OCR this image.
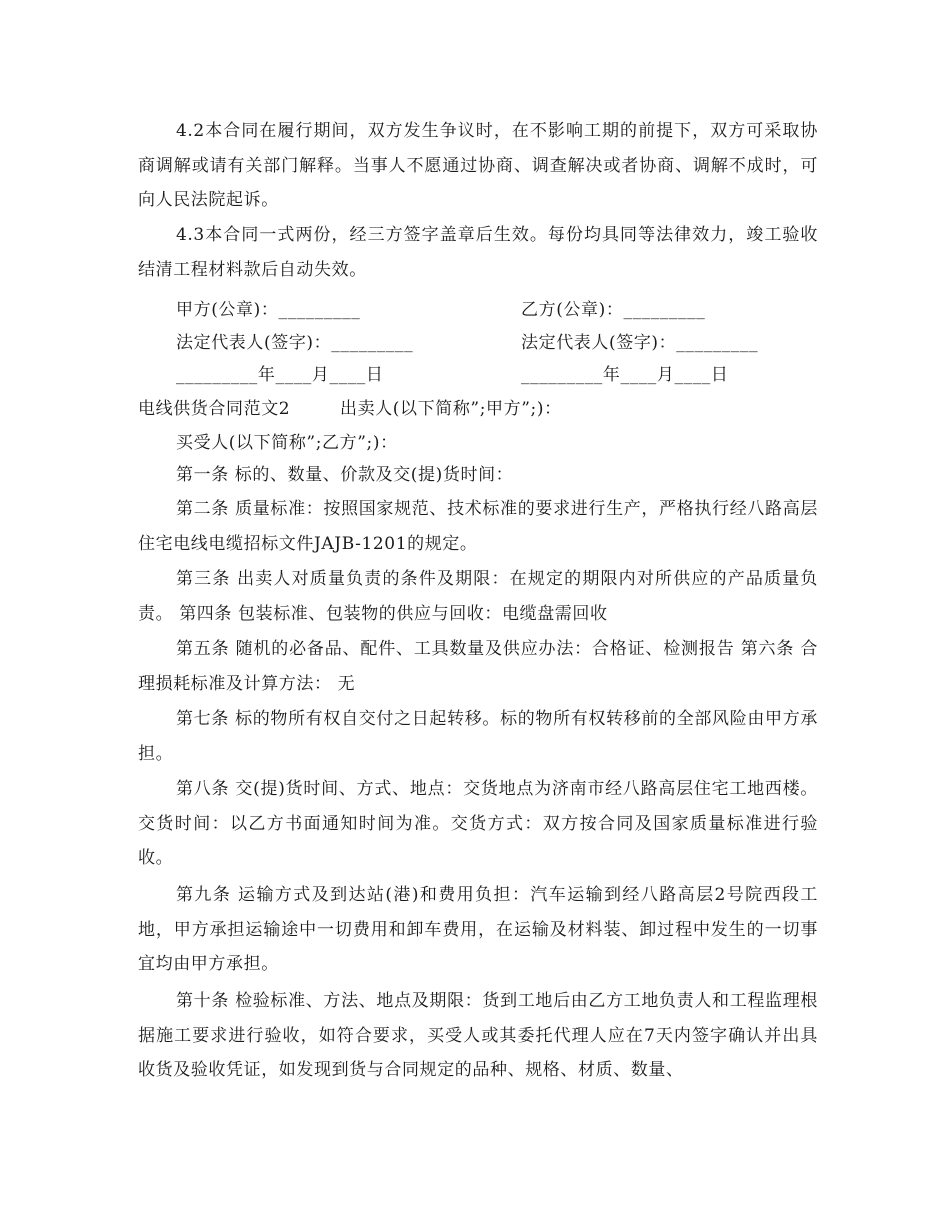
4.2本合同在履行期间，双方发生争议时，在不影响工期的前提下，双方可采取协商调解或请有关部门解释。当事人不愿通过协商、调查解决或者协商、调解不成时，可向人民法院起诉。

4.3本合同一式两份，经三方签字盖章后生效。每份均具同等法律效力，竣工验收结清工程材料款后自动失效。

甲方(公章)：_________	乙方(公章)：_________
法定代表人(签字)：_________	法定代表人(签字)：_________
_________年____月____日	_________年____月____日
电线供货合同范文2	出卖人(以下简称”;甲方”;)：
买受人(以下简称”;乙方”;)：
第一条 标的、数量、价款及交(提)货时间：

第二条 质量标准：按照国家规范、技术标准的要求进行生产，严格执行经八路高层住宅电线电缆招标文件JAJB-1201的规定。

第三条 出卖人对质量负责的条件及期限：在规定的期限内对所供应的产品质量负责。 第四条 包装标准、包装物的供应与回收：电缆盘需回收

第五条 随机的必备品、配件、工具数量及供应办法：合格证、检测报告 第六条 合理损耗标准及计算方法： 无

第七条 标的物所有权自交付之日起转移。标的物所有权转移前的全部风险由甲方承担。

第八条 交(提)货时间、方式、地点：交货地点为济南市经八路高层住宅工地西楼。交货时间：以乙方书面通知时间为准。交货方式：双方按合同及国家质量标准进行验收。

第九条 运输方式及到达站(港)和费用负担：汽车运输到经八路高层2号院西段工地，甲方承担运输途中一切费用和卸车费用，在运输及材料装、卸过程中发生的一切事宜均由甲方承担。

第十条 检验标准、方法、地点及期限：货到工地后由乙方工地负责人和工程监理根据施工要求进行验收，如符合要求，买受人或其委托代理人应在7天内签字确认并出具收货及验收凭证，如发现到货与合同规定的品种、规格、材质、数量、
